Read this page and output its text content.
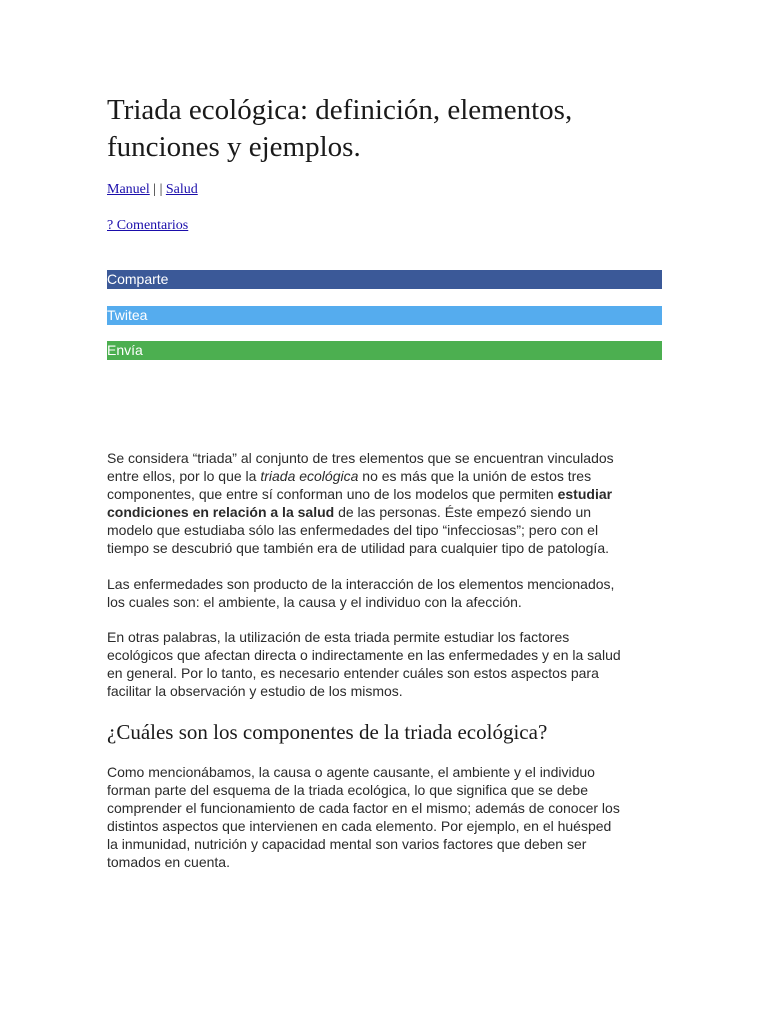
Triada ecológica: definición, elementos,
funciones y ejemplos.
Manuel | | Salud
? Comentarios
Comparte
Twitea
Envía

Se considera “triada” al conjunto de tres elementos que se encuentran vinculados
entre ellos, por lo que la triada ecológica no es más que la unión de estos tres
componentes, que entre sí conforman uno de los modelos que permiten estudiar
condiciones en relación a la salud de las personas. Éste empezó siendo un
modelo que estudiaba sólo las enfermedades del tipo “infecciosas”; pero con el
tiempo se descubrió que también era de utilidad para cualquier tipo de patología.

Las enfermedades son producto de la interacción de los elementos mencionados,
los cuales son: el ambiente, la causa y el individuo con la afección.

En otras palabras, la utilización de esta triada permite estudiar los factores
ecológicos que afectan directa o indirectamente en las enfermedades y en la salud
en general. Por lo tanto, es necesario entender cuáles son estos aspectos para
facilitar la observación y estudio de los mismos.

¿Cuáles son los componentes de la triada ecológica?

Como mencionábamos, la causa o agente causante, el ambiente y el individuo
forman parte del esquema de la triada ecológica, lo que significa que se debe
comprender el funcionamiento de cada factor en el mismo; además de conocer los
distintos aspectos que intervienen en cada elemento. Por ejemplo, en el huésped
la inmunidad, nutrición y capacidad mental son varios factores que deben ser
tomados en cuenta.
